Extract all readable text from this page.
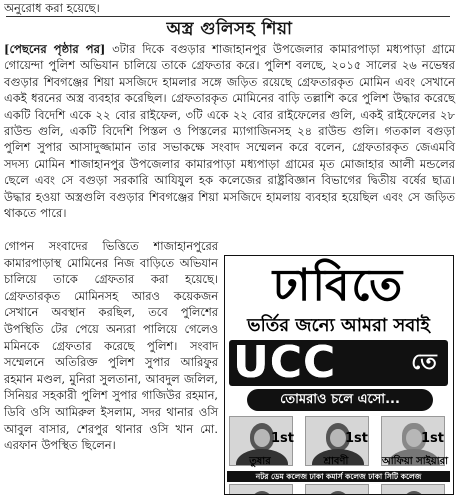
অনুরোধ করা হয়েছে।
অস্ত্র গুলিসহ শিয়া

[পেছনের পৃষ্ঠার পর] ৩টার দিকে বগুড়ার শাজাহানপুর উপজেলার কামারপাড়া মধ্যপাড়া গ্রামে গোয়েন্দা পুলিশ অভিযান চালিয়ে তাকে গ্রেফতার করে। পুলিশ বলছে, ২০১৫ সালের ২৬ নভেম্বর বগুড়ার শিবগঞ্জের শিয়া মসজিদে হামলার সঙ্গে জড়িত রয়েছে গ্রেফতারকৃত মোমিন এবং সেখানে একই ধরনের অস্ত্র ব্যবহার করেছিল। গ্রেফতারকৃত মোমিনের বাড়ি তল্লাশি করে পুলিশ উদ্ধার করেছে একটি বিদেশি একে ২২ বোর রাইফেল, ৩টি একে ২২ বোর রাইফেলের গুলি, একই রাইফেলের ২৮ রাউন্ড গুলি, একটি বিদেশি পিস্তল ও পিস্তলের ম্যাগাজিনসহ ২৪ রাউন্ড গুলি। গতকাল বগুড়া পুলিশ সুপার আসাদুজ্জামান তার সভাকক্ষে সংবাদ সম্মেলন করে বলেন, গ্রেফতারকৃত জেএমবি সদস্য মোমিন শাজাহানপুর উপজেলার কামারপাড়া মধ্যপাড়া গ্রামের মৃত মোজাহার আলী মন্ডলের ছেলে এবং সে বগুড়া সরকারি আযিযুল হক কলেজের রাষ্ট্রবিজ্ঞান বিভাগের দ্বিতীয় বর্ষের ছাত্র। উদ্ধার হওয়া অস্ত্রগুলি বগুড়ার শিবগঞ্জের শিয়া মসজিদে হামলায় ব্যবহার হয়েছিল এবং সে জড়িত থাকতে পারে।

গোপন সংবাদের ভিত্তিতে শাজাহানপুরের কামারপাড়াস্থ মোমিনের নিজ বাড়িতে অভিযান চালিয়ে তাকে গ্রেফতার করা হয়েছে। গ্রেফতারকৃত মোমিনসহ আরও কয়েকজন সেখানে অবস্থান করছিল, তবে পুলিশের উপস্থিতি টের পেয়ে অন্যরা পালিয়ে গেলেও মমিনকে গ্রেফতার করেছে পুলিশ। সংবাদ সম্মেলনে অতিরিক্ত পুলিশ সুপার আরিফুর রহমান মণ্ডল, মুনিরা সুলতানা, আবদুল জলিল, সিনিয়র সহকারী পুলিশ সুপার গাজিউর রহমান, ডিবি ওসি আমিরুল ইসলাম, সদর থানার ওসি আবুল বাসার, শেরপুর থানার ওসি খান মো. এরফান উপস্থিত ছিলেন।

ঢাবিতে
ভর্তির জন্যে আমরা সবাই
UCC	তে
তোমরাও চলে এসো...
1st
তুষার
1st
শ্রাবণী
1st
আফিয়া সাইয়ারা
নটর ডেম কলেজ ঢাকা কমার্স কলেজ ঢাকা সিটি কলেজ
